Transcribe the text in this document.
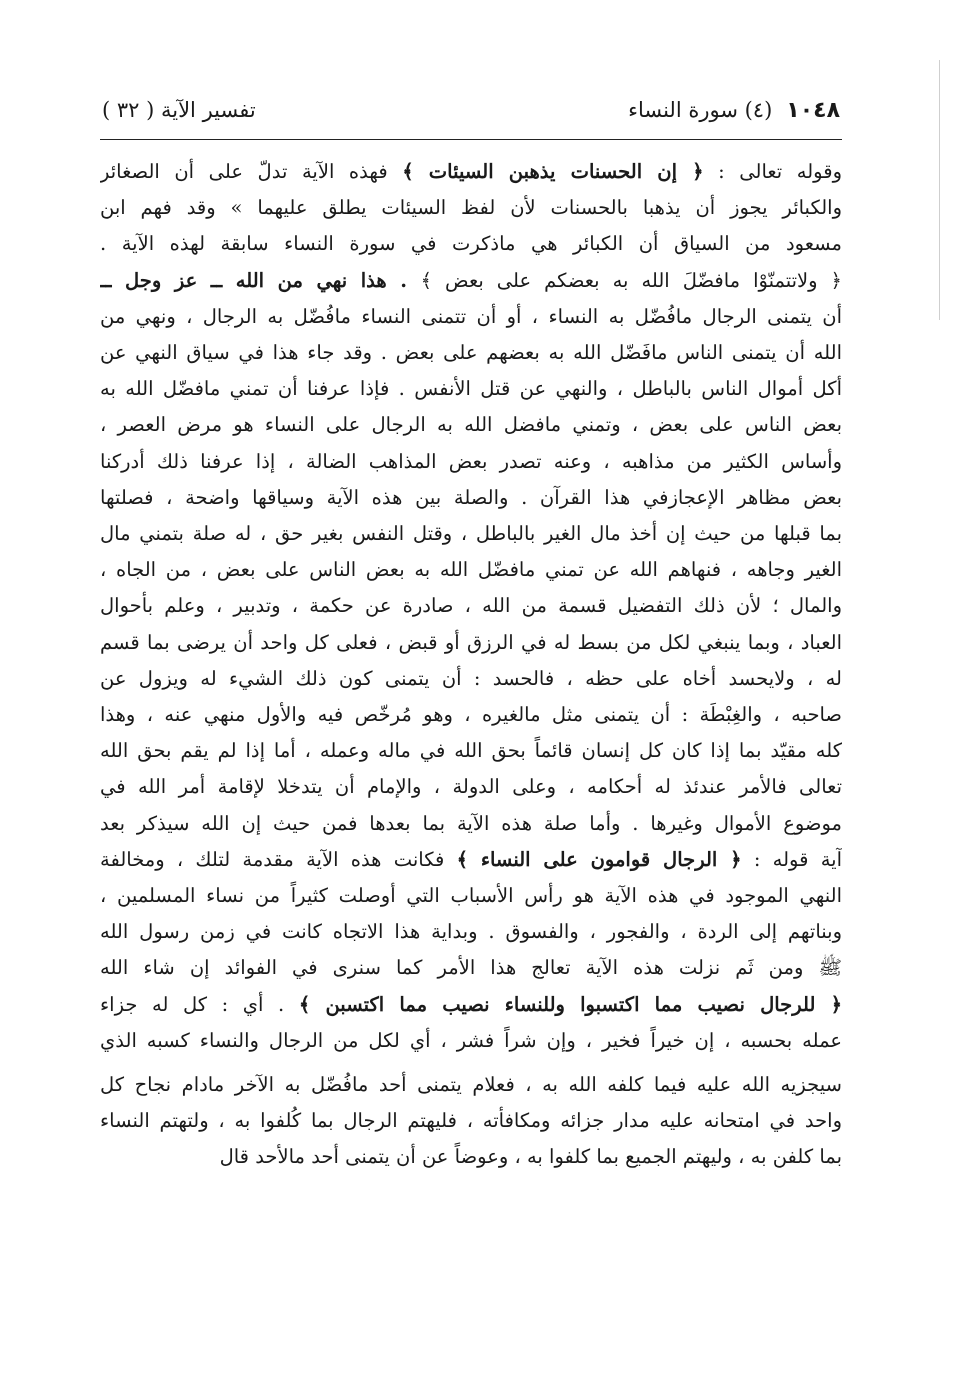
١٠٤٨
(٤) سورة النساء
تفسير الآية ( ٣٢ )
وقوله تعالى : ﴿ إن الحسنات يذهبن السيئات ﴾ فهذه الآية تدلّ على أن الصغائر
والكبائر يجوز أن يذهبا بالحسنات لأن لفظ السيئات يطلق عليهما » وقد فهم ابن
مسعود من السياق أن الكبائر هي ماذكرت في سورة النساء سابقة لهذه الآية .
﴿ ولاتتمنّوْا مافضّلَ الله به بعضكم على بعض ﴾ . هذا نهي من الله ــ عز وجل ــ
أن يتمنى الرجال مافُضّل به النساء ، أو أن تتمنى النساء مافُضّل به الرجال ، ونهي من
الله أن يتمنى الناس مافَضّل الله به بعضهم على بعض . وقد جاء هذا في سياق النهي عن
أكل أموال الناس بالباطل ، والنهي عن قتل الأنفس . فإذا عرفنا أن تمني مافضّل الله به
بعض الناس على بعض ، وتمني مافضل الله به الرجال على النساء هو مرض العصر ،
وأساس الكثير من مذاهبه ، وعنه تصدر بعض المذاهب الضالة ، إذا عرفنا ذلك أدركنا
بعض مظاهر الإعجازفي هذا القرآن . والصلة بين هذه الآية وسياقها واضحة ، فصلتها
بما قبلها من حيث إن أخذ مال الغير بالباطل ، وقتل النفس بغير حق ، له صلة بتمني مال
الغير وجاهه ، فنهاهم الله عن تمني مافضّل الله به بعض الناس على بعض ، من الجاه ،
والمال ؛ لأن ذلك التفضيل قسمة من الله ، صادرة عن حكمة ، وتدبير ، وعلم بأحوال
العباد ، وبما ينبغي لكل من بسط له في الرزق أو قبض ، فعلى كل واحد أن يرضى بما قسم
له ، ولايحسد أخاه على حظه ، فالحسد : أن يتمنى كون ذلك الشيء له ويزول عن
صاحبه ، والغِبْطَة : أن يتمنى مثل مالغيره ، وهو مُرخّص فيه والأول منهي عنه ، وهذا
كله مقيّد بما إذا كان كل إنسان قائماً بحق الله في ماله وعمله ، أما إذا لم يقم بحق الله
تعالى فالأمر عندئذ له أحكامه ، وعلى الدولة ، والإمام أن يتدخلا لإقامة أمر الله في
موضوع الأموال وغيرها . وأما صلة هذه الآية بما بعدها فمن حيث إن الله سيذكر بعد
آية قوله : ﴿ الرجال قوامون على النساء ﴾ فكانت هذه الآية مقدمة لتلك ، ومخالفة
النهي الموجود في هذه الآية هو رأس الأسباب التي أوصلت كثيراً من نساء المسلمين ،
وبناتهم إلى الردة ، والفجور ، والفسوق . وبداية هذا الاتجاه كانت في زمن رسول الله
ﷺ ومن ثَم نزلت هذه الآية تعالج هذا الأمر كما سنرى في الفوائد إن شاء الله
﴿ للرجال نصيب مما اكتسبوا وللنساء نصيب مما اكتسبن ﴾ . أي : كل له جزاء
عمله بحسبه ، إن خيراً فخير ، وإن شراً فشر ، أي لكل من الرجال والنساء كسبه الذي
سيجزيه الله عليه فيما كلفه الله به ، فعلام يتمنى أحد مافُضّل به الآخر مادام نجاح كل
واحد في امتحانه عليه مدار جزائه ومكافأته ، فليهتم الرجال بما كُلفوا به ، ولتهتم النساء
بما كلفن به ، وليهتم الجميع بما كلفوا به ، وعوضاً عن أن يتمنى أحد مالأحد قال
